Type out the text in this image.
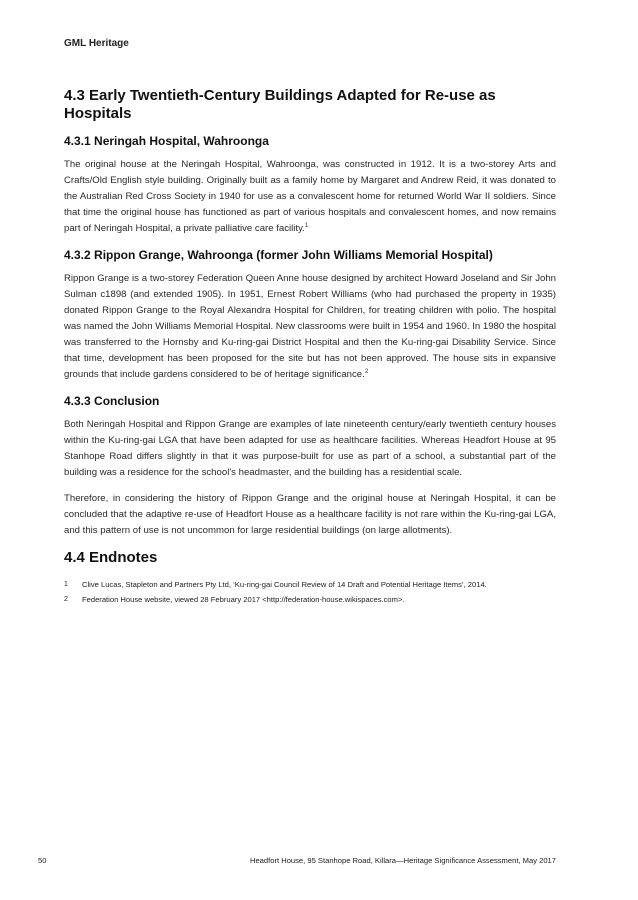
GML Heritage
4.3 Early Twentieth-Century Buildings Adapted for Re-use as Hospitals
4.3.1 Neringah Hospital, Wahroonga

The original house at the Neringah Hospital, Wahroonga, was constructed in 1912. It is a two-storey Arts and Crafts/Old English style building. Originally built as a family home by Margaret and Andrew Reid, it was donated to the Australian Red Cross Society in 1940 for use as a convalescent home for returned World War II soldiers. Since that time the original house has functioned as part of various hospitals and convalescent homes, and now remains part of Neringah Hospital, a private palliative care facility.$^1$

4.3.2 Rippon Grange, Wahroonga (former John Williams Memorial Hospital)

Rippon Grange is a two-storey Federation Queen Anne house designed by architect Howard Joseland and Sir John Sulman c1898 (and extended 1905). In 1951, Ernest Robert Williams (who had purchased the property in 1935) donated Rippon Grange to the Royal Alexandra Hospital for Children, for treating children with polio. The hospital was named the John Williams Memorial Hospital. New classrooms were built in 1954 and 1960. In 1980 the hospital was transferred to the Hornsby and Ku-ring-gai District Hospital and then the Ku-ring-gai Disability Service. Since that time, development has been proposed for the site but has not been approved. The house sits in expansive grounds that include gardens considered to be of heritage significance.$^2$

4.3.3 Conclusion

Both Neringah Hospital and Rippon Grange are examples of late nineteenth century/early twentieth century houses within the Ku-ring-gai LGA that have been adapted for use as healthcare facilities. Whereas Headfort House at 95 Stanhope Road differs slightly in that it was purpose-built for use as part of a school, a substantial part of the building was a residence for the school's headmaster, and the building has a residential scale.

Therefore, in considering the history of Rippon Grange and the original house at Neringah Hospital, it can be concluded that the adaptive re-use of Headfort House as a healthcare facility is not rare within the Ku-ring-gai LGA, and this pattern of use is not uncommon for large residential buildings (on large allotments).

4.4 Endnotes
1	Clive Lucas, Stapleton and Partners Pty Ltd, ‘Ku-ring-gai Council Review of 14 Draft and Potential Heritage Items’, 2014.
2	Federation House website, viewed 28 February 2017 <http://federation-house.wikispaces.com>.
50	Headfort House, 95 Stanhope Road, Killara—Heritage Significance Assessment, May 2017
